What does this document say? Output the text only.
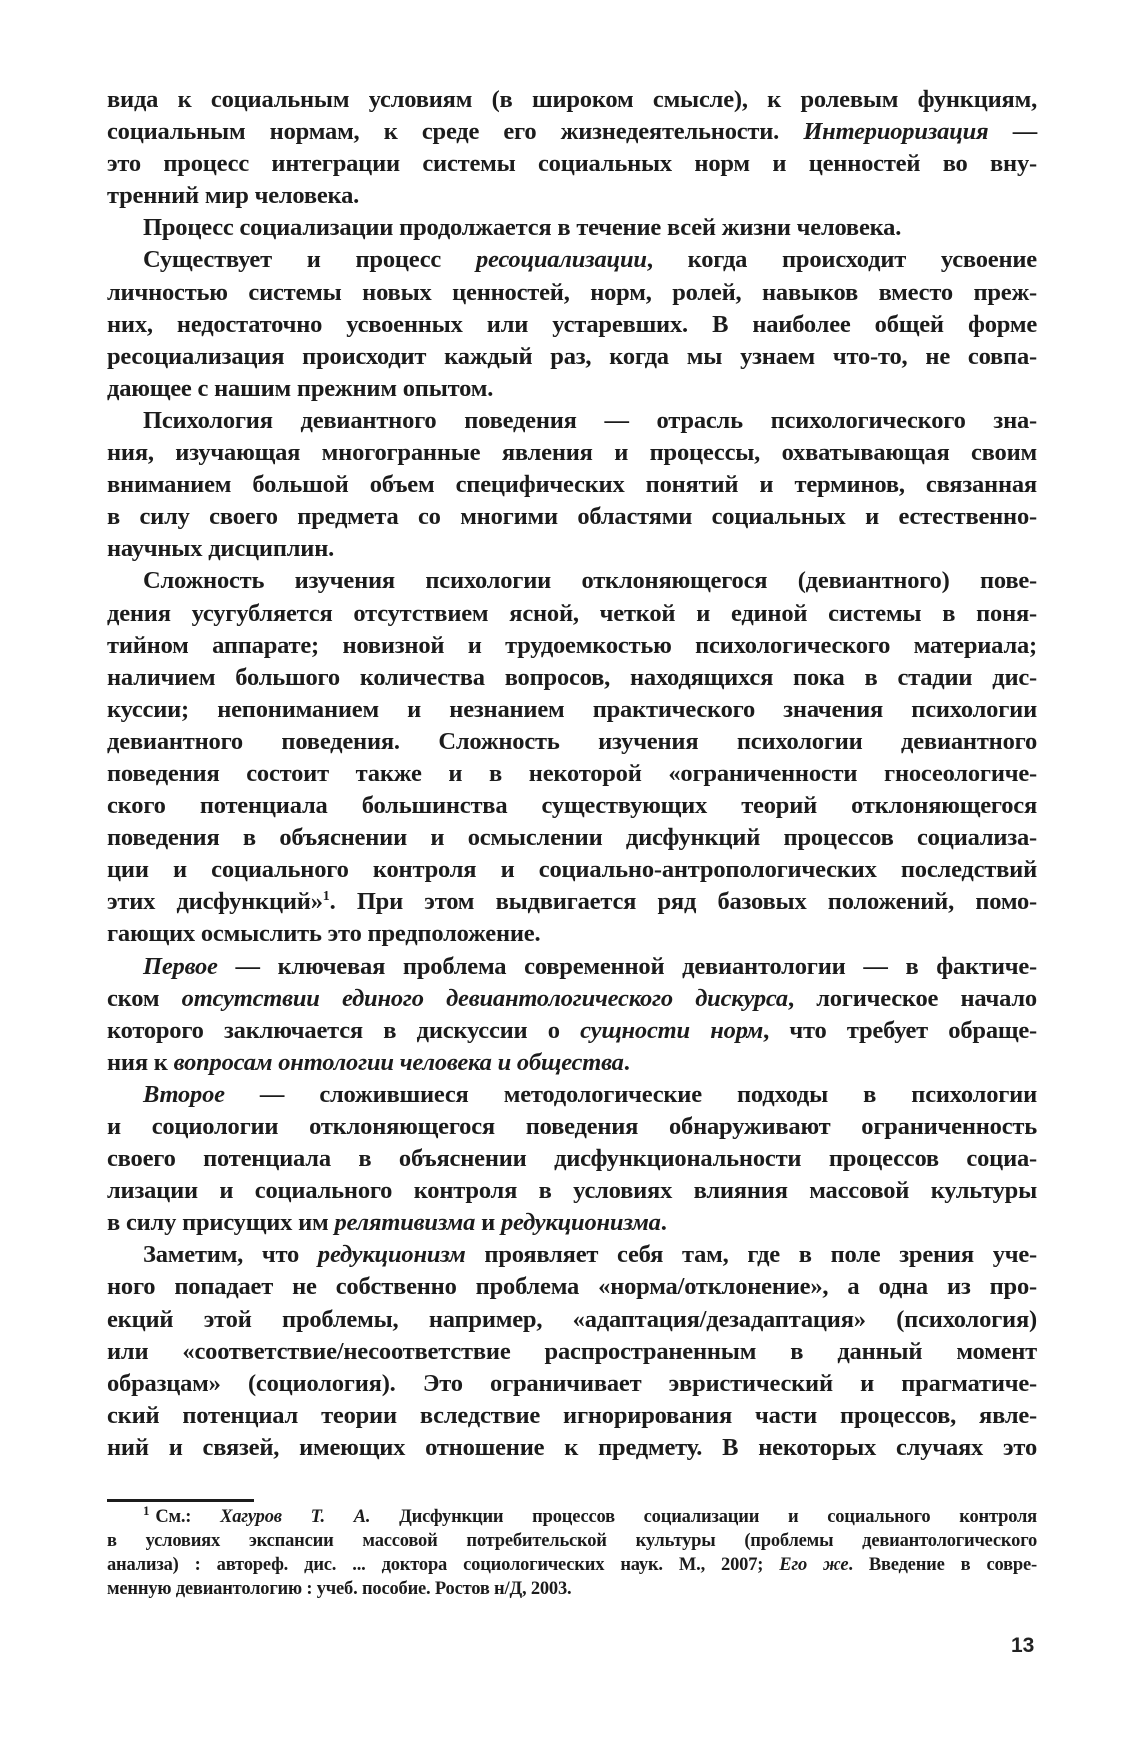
вида к социальным условиям (в широком смысле), к ролевым функциям,
социальным нормам, к среде его жизнедеятельности. Интериоризация —
это процесс интеграции системы социальных норм и ценностей во вну-
тренний мир человека.
Процесс социализации продолжается в течение всей жизни человека.
Существует и процесс ресоциализации, когда происходит усвоение
личностью системы новых ценностей, норм, ролей, навыков вместо преж-
них, недостаточно усвоенных или устаревших. В наиболее общей форме
ресоциализация происходит каждый раз, когда мы узнаем что-то, не совпа-
дающее с нашим прежним опытом.
Психология девиантного поведения — отрасль психологического зна-
ния, изучающая многогранные явления и процессы, охватывающая своим
вниманием большой объем специфических понятий и терминов, связанная
в силу своего предмета со многими областями социальных и естественно-
научных дисциплин.
Сложность изучения психологии отклоняющегося (девиантного) пове-
дения усугубляется отсутствием ясной, четкой и единой системы в поня-
тийном аппарате; новизной и трудоемкостью психологического материала;
наличием большого количества вопросов, находящихся пока в стадии дис-
куссии; непониманием и незнанием практического значения психологии
девиантного поведения. Сложность изучения психологии девиантного
поведения состоит также и в некоторой «ограниченности гносеологиче-
ского потенциала большинства существующих теорий отклоняющегося
поведения в объяснении и осмыслении дисфункций процессов социализа-
ции и социального контроля и социально-антропологических последствий
этих дисфункций»$^1$. При этом выдвигается ряд базовых положений, помо-
гающих осмыслить это предположение.
Первое — ключевая проблема современной девиантологии — в фактиче-
ском отсутствии единого девиантологического дискурса, логическое начало
которого заключается в дискуссии о сущности норм, что требует обраще-
ния к вопросам онтологии человека и общества.
Второе — сложившиеся методологические подходы в психологии
и социологии отклоняющегося поведения обнаруживают ограниченность
своего потенциала в объяснении дисфункциональности процессов социа-
лизации и социального контроля в условиях влияния массовой культуры
в силу присущих им релятивизма и редукционизма.
Заметим, что редукционизм проявляет себя там, где в поле зрения уче-
ного попадает не собственно проблема «норма/отклонение», а одна из про-
екций этой проблемы, например, «адаптация/дезадаптация» (психология)
или «соответствие/несоответствие распространенным в данный момент
образцам» (социология). Это ограничивает эвристический и прагматиче-
ский потенциал теории вследствие игнорирования части процессов, явле-
ний и связей, имеющих отношение к предмету. В некоторых случаях это
$^1$ См.: Хагуров Т. А. Дисфункции процессов социализации и социального контроля
в условиях экспансии массовой потребительской культуры (проблемы девиантологического
анализа) : автореф. дис. ... доктора социологических наук. М., 2007; Его же. Введение в совре-
менную девиантологию : учеб. пособие. Ростов н/Д, 2003.
13
